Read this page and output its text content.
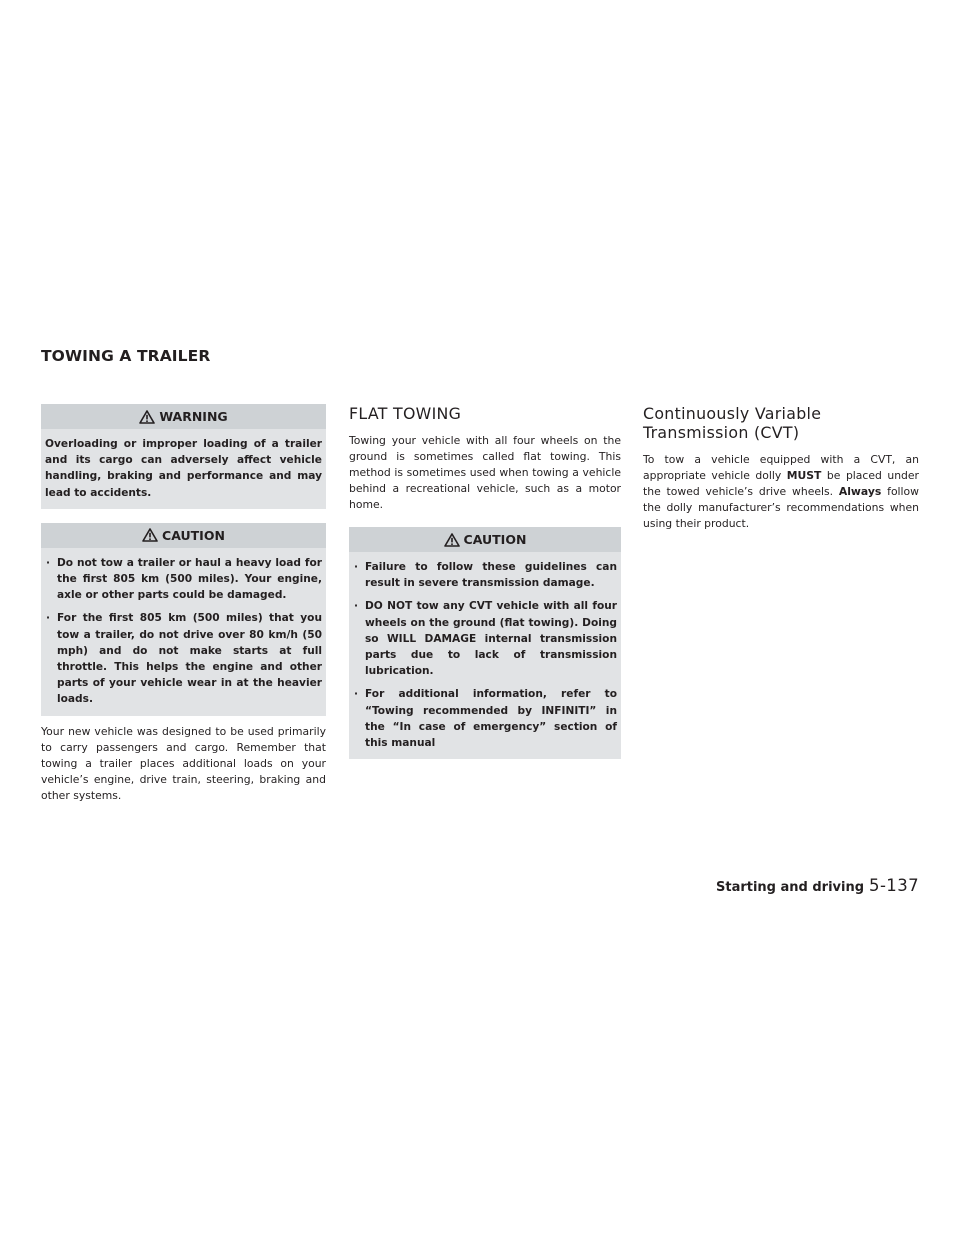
TOWING A TRAILER
WARNING

Overloading or improper loading of a trailer and its cargo can adversely affect vehicle handling, braking and performance and may lead to accidents.

CAUTION
· Do not tow a trailer or haul a heavy load for the first 805 km (500 miles). Your engine, axle or other parts could be damaged.
· For the first 805 km (500 miles) that you tow a trailer, do not drive over 80 km/h (50 mph) and do not make starts at full throttle. This helps the engine and other parts of your vehicle wear in at the heavier loads.

Your new vehicle was designed to be used primarily to carry passengers and cargo. Remember that towing a trailer places additional loads on your vehicle’s engine, drive train, steering, braking and other systems.

FLAT TOWING

Towing your vehicle with all four wheels on the ground is sometimes called flat towing. This method is sometimes used when towing a vehicle behind a recreational vehicle, such as a motor home.

CAUTION
· Failure to follow these guidelines can result in severe transmission damage.
· DO NOT tow any CVT vehicle with all four wheels on the ground (flat towing). Doing so WILL DAMAGE internal transmission parts due to lack of transmission lubrication.
· For additional information, refer to “Towing recommended by INFINITI” in the “In case of emergency” section of this manual
Continuously Variable Transmission (CVT)

To tow a vehicle equipped with a CVT, an appropriate vehicle dolly MUST be placed under the towed vehicle’s drive wheels. Always follow the dolly manufacturer’s recommendations when using their product.

Starting and driving 5-137
